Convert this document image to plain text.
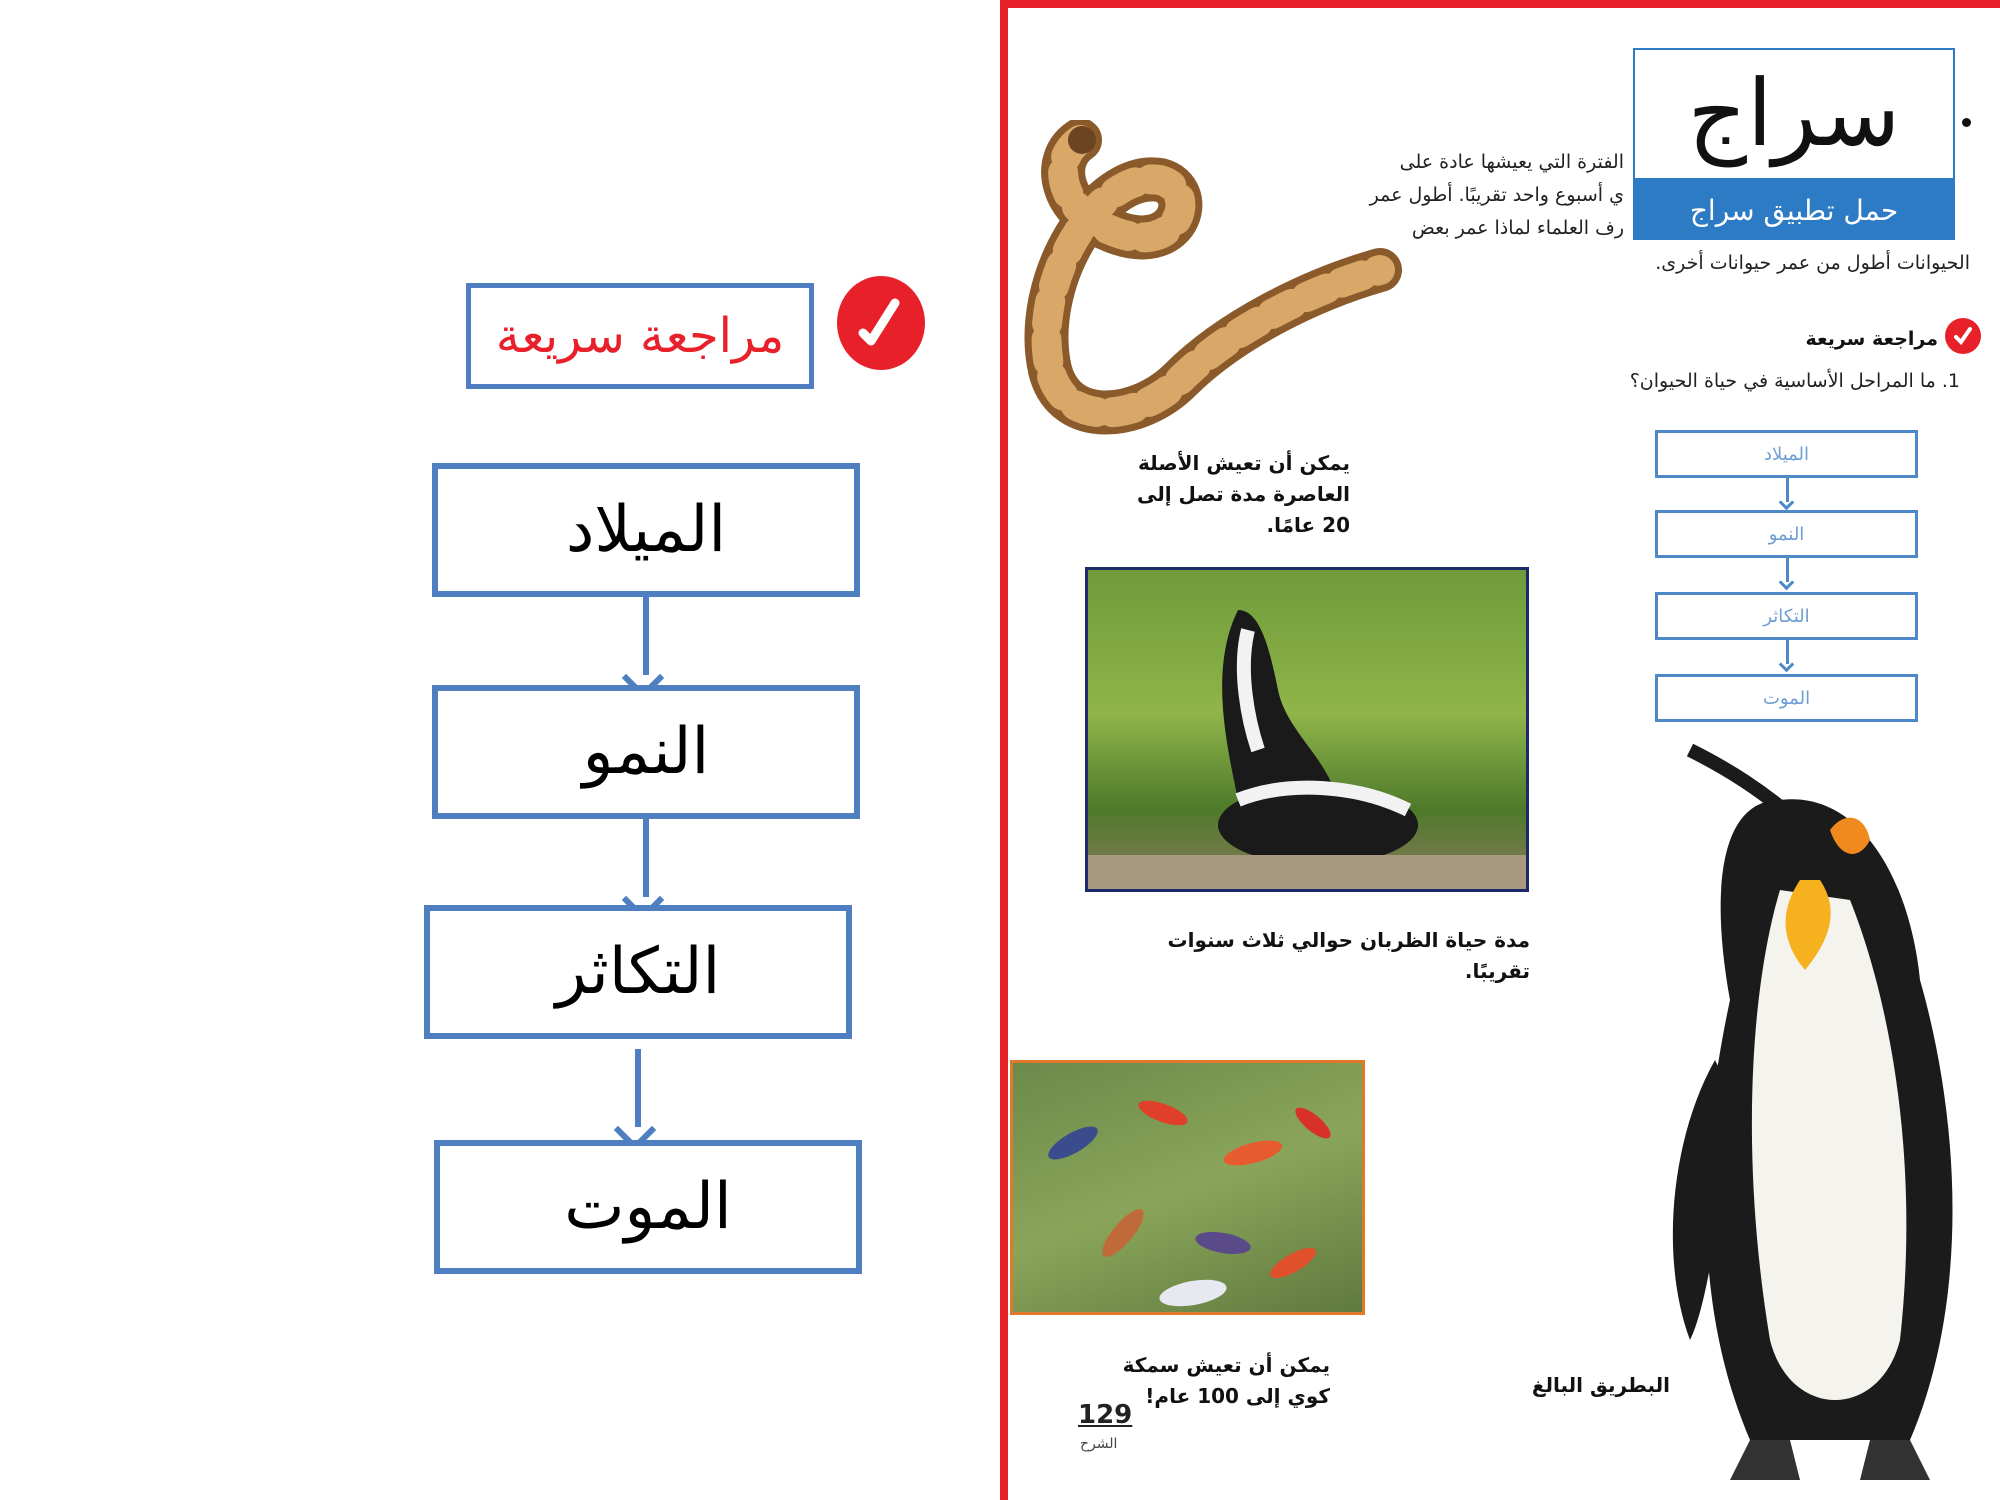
مراجعة سريعة
الميلاد
النمو
التكاثر
الموت
سراج
حمل تطبيق سراج
الفترة التي يعيشها عادة على
ي أسبوع واحد تقريبًا. أطول عمر
رف العلماء لماذا عمر بعض
الحيوانات أطول من عمر حيوانات أخرى.
مراجعة سريعة
1. ما المراحل الأساسية في حياة الحيوان؟
الميلاد
النمو
التكاثر
الموت
يمكن أن تعيش الأصلة
العاصرة مدة تصل إلى
20 عامًا.
مدة حياة الظربان حوالي ثلاث سنوات
تقريبًا.
يمكن أن تعيش سمكة
كوي إلى 100 عام!
129
الشرح
البطريق البالغ
